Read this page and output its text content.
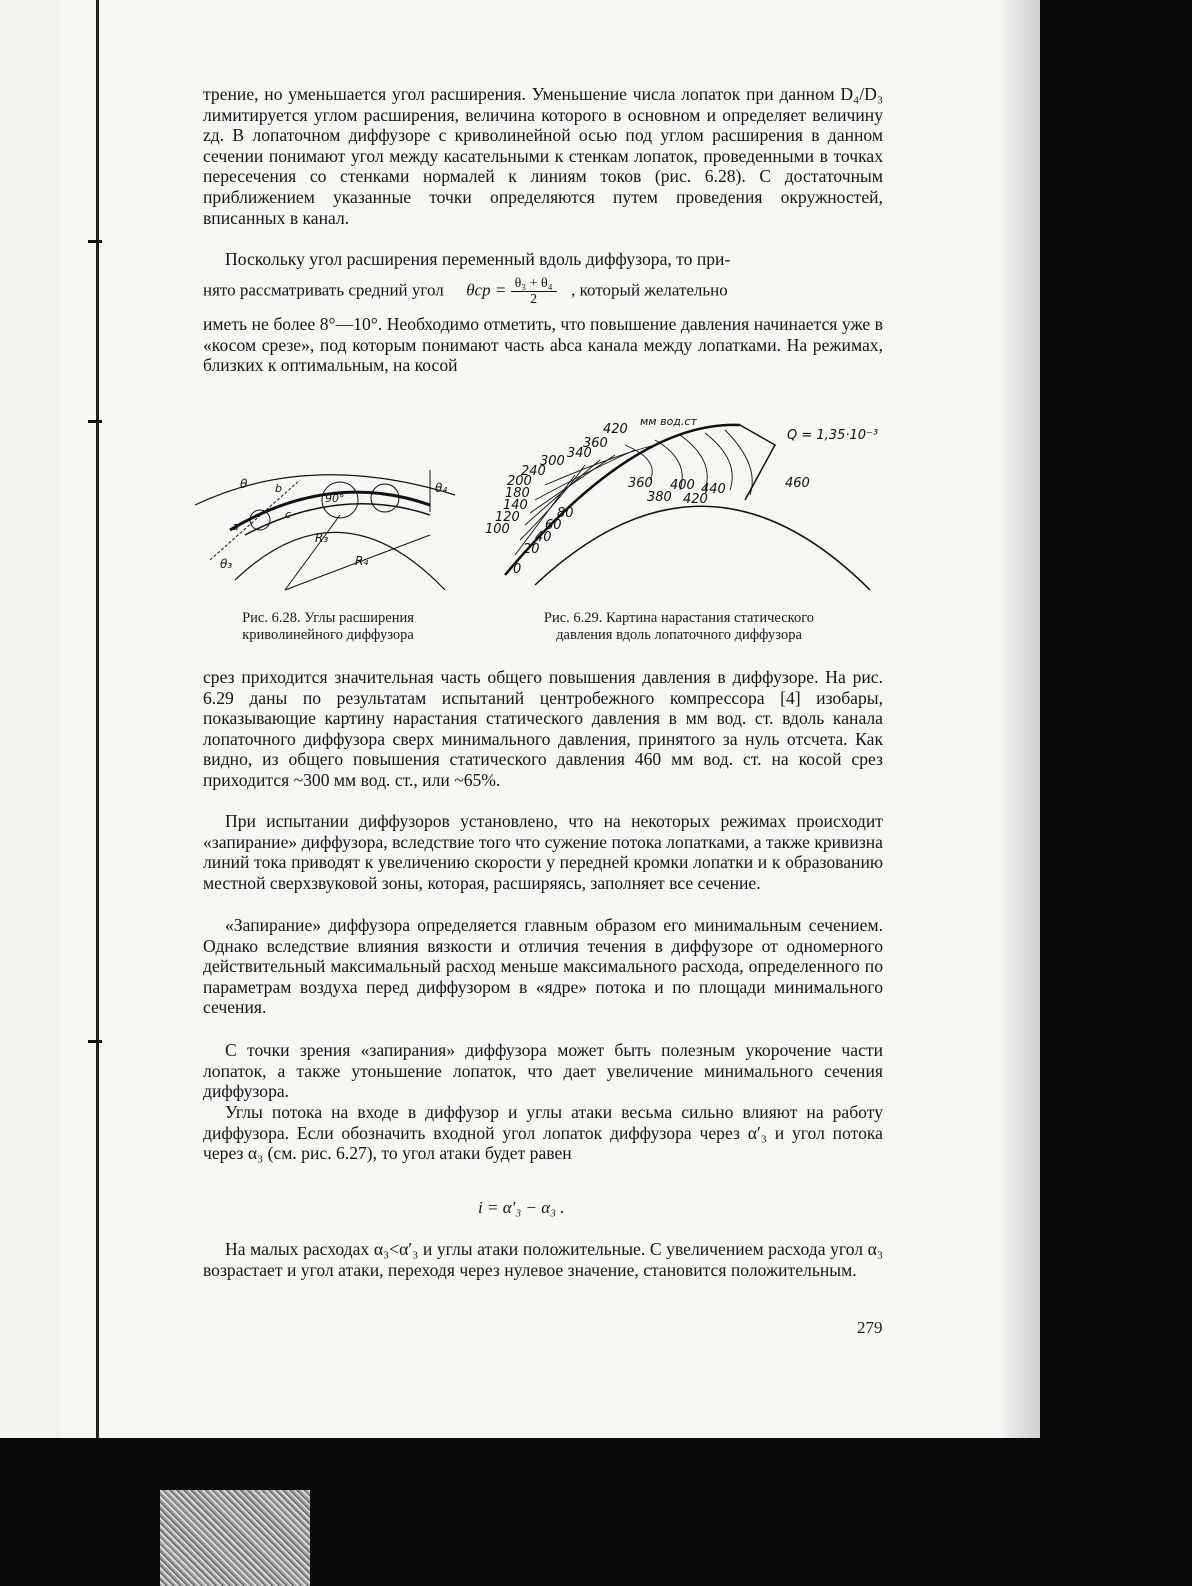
трение, но уменьшается угол расширения. Уменьшение числа лопаток при данном D₄/D₃ лимитируется углом расширения, величина которого в основном и определяет величину zд. В лопаточном диффузоре с криволинейной осью под углом расширения в данном сечении понимают угол между касательными к стенкам лопаток, проведенными в точках пересечения со стенками нормалей к линиям токов (рис. 6.28). С достаточным приближением указанные точки определяются путем проведения окружностей, вписанных в канал.

Поскольку угол расширения переменный вдоль диффузора, то при-

нято рассматривать средний угол $\theta ср = \frac{\text{θ₃ + θ₄}}{2}$ , который желательно

иметь не более 8°—10°. Необходимо отметить, что повышение давления начинается уже в «косом срезе», под которым понимают часть abca канала между лопатками. На режимах, близких к оптимальным, на косой

θ	θ₄
θ₃
a
b
c
90°
R₃
R₄
420
360
340
300
240
200
180
140
120
100
80
60
40
20
0
360
380
400
420
440	460
мм вод.ст
Q = 1,35·10⁻³
Рис. 6.28. Углы расширения
криволинейного диффузора
Рис. 6.29. Картина нарастания статического
давления вдоль лопаточного диффузора

срез приходится значительная часть общего повышения давления в диффузоре. На рис. 6.29 даны по результатам испытаний центробежного компрессора [4] изобары, показывающие картину нарастания статического давления в мм вод. ст. вдоль канала лопаточного диффузора сверх минимального давления, принятого за нуль отсчета. Как видно, из общего повышения статического давления 460 мм вод. ст. на косой срез приходится ~300 мм вод. ст., или ~65%.

При испытании диффузоров установлено, что на некоторых режимах происходит «запирание» диффузора, вследствие того что сужение потока лопатками, а также кривизна линий тока приводят к увеличению скорости у передней кромки лопатки и к образованию местной сверхзвуковой зоны, которая, расширяясь, заполняет все сечение.

«Запирание» диффузора определяется главным образом его минимальным сечением. Однако вследствие влияния вязкости и отличия течения в диффузоре от одномерного действительный максимальный расход меньше максимального расхода, определенного по параметрам воздуха перед диффузором в «ядре» потока и по площади минимального сечения.

С точки зрения «запирания» диффузора может быть полезным укорочение части лопаток, а также утоньшение лопаток, что дает увеличение минимального сечения диффузора.

Углы потока на входе в диффузор и углы атаки весьма сильно влияют на работу диффузора. Если обозначить входной угол лопаток диффузора через α′₃ и угол потока через α₃ (см. рис. 6.27), то угол атаки будет равен

i = α′₃ − α₃ .

На малых расходах α₃<α′₃ и углы атаки положительные. С увеличением расхода угол α₃ возрастает и угол атаки, переходя через нулевое значение, становится положительным.

279
